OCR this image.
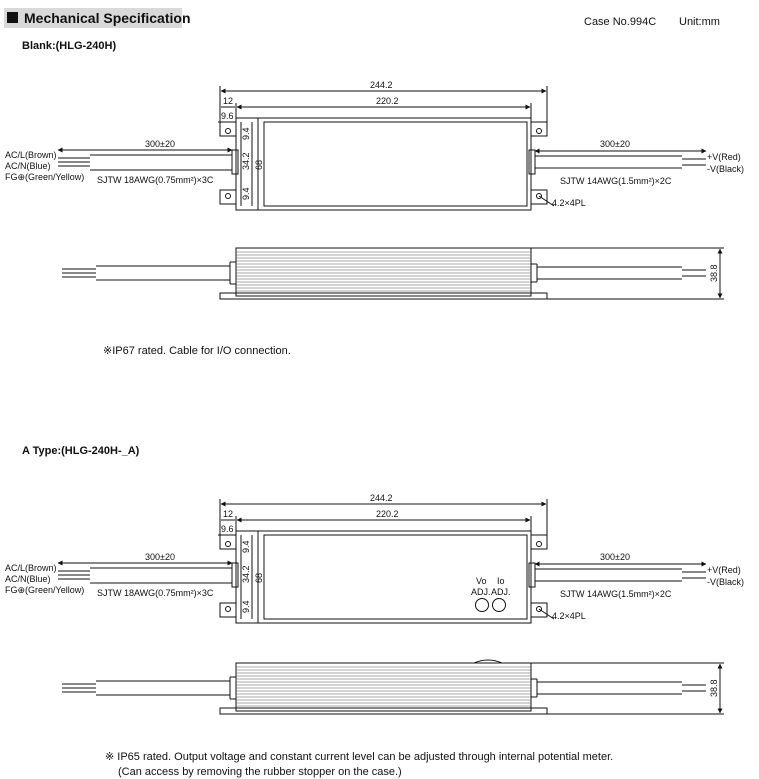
Mechanical Specification	Case No.994C Unit:mm
Blank:(HLG-240H)
※IP67 rated. Cable for I/O connection.
A Type:(HLG-240H-_A)
※ IP65 rated. Output voltage and constant current level can be adjusted through internal potential meter.
(Can access by removing the rubber stopper on the case.)
244.2
220.2
12
9.6
300±20	300±20
9.4
34.2
9.4
68
AC/L(Brown)
AC/N(Blue)
FG⊕(Green/Yellow) SJTW 18AWG(0.75mm²)×3C
+V(Red)
-V(Black)
SJTW 14AWG(1.5mm²)×2C
4.2×4PL
38.8
244.2
220.2
12
9.6
300±20	300±20
9.4
34.2
9.4
68
AC/L(Brown)
AC/N(Blue)
FG⊕(Green/Yellow) SJTW 18AWG(0.75mm²)×3C
+V(Red)
-V(Black)
SJTW 14AWG(1.5mm²)×2C
4.2×4PL
Vo
ADJ.
Io
ADJ.
38.8
